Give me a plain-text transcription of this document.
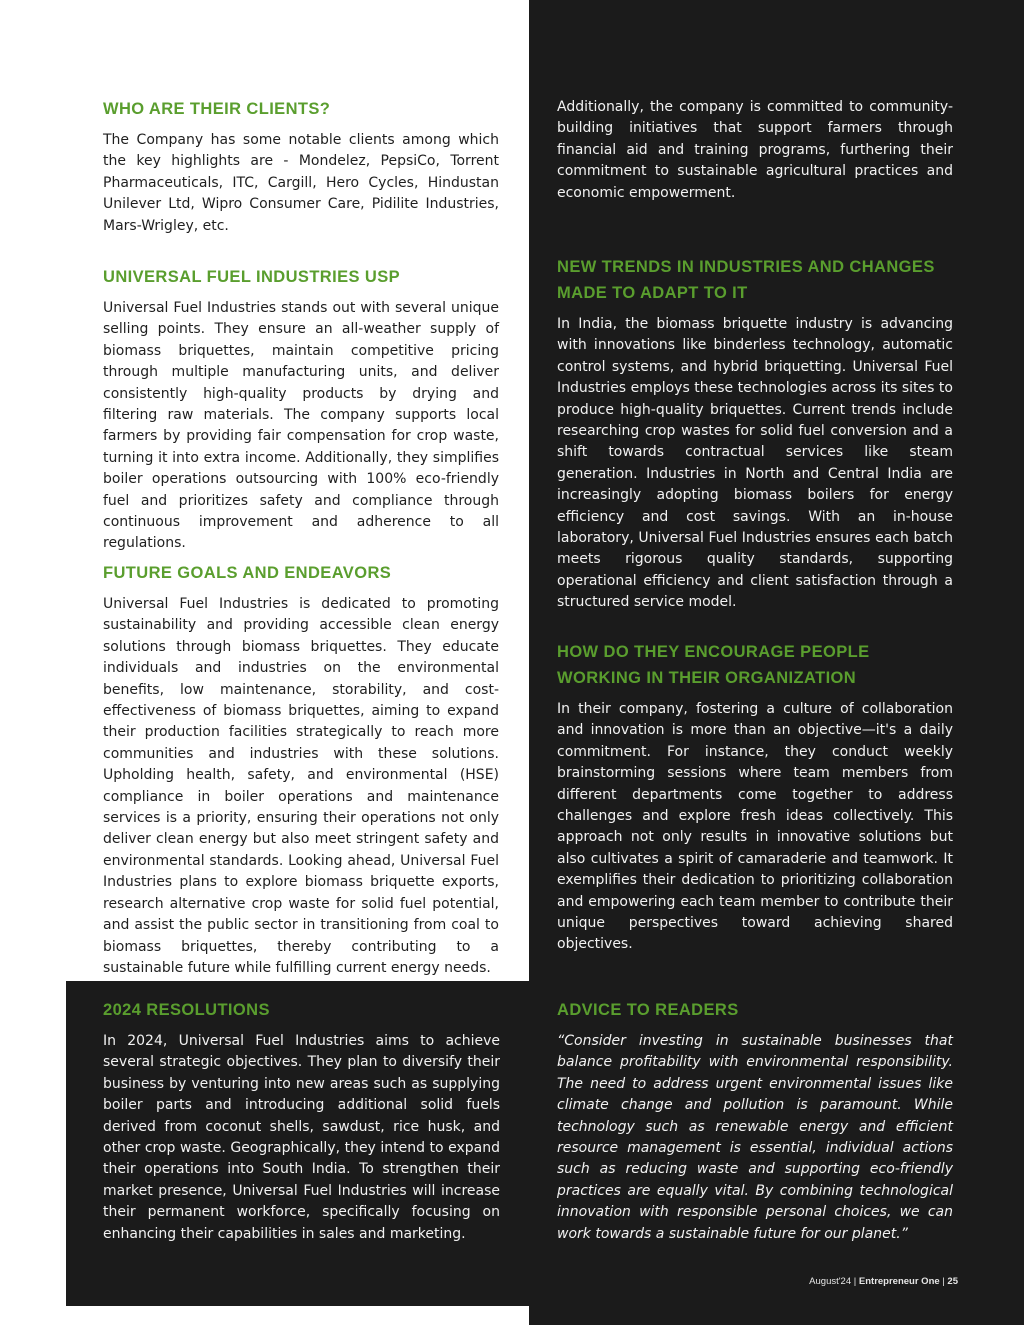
WHO ARE THEIR CLIENTS?

The Company has some notable clients among which the key highlights are - Mondelez, PepsiCo, Torrent Pharmaceuticals, ITC, Cargill, Hero Cycles, Hindustan Unilever Ltd, Wipro Consumer Care, Pidilite Industries, Mars-Wrigley, etc.

UNIVERSAL FUEL INDUSTRIES USP

Universal Fuel Industries stands out with several unique selling points. They ensure an all-weather supply of biomass briquettes, maintain competitive pricing through multiple manufacturing units, and deliver consistently high-quality products by drying and filtering raw materials. The company supports local farmers by providing fair compensation for crop waste, turning it into extra income. Additionally, they simplifies boiler operations outsourcing with 100% eco-friendly fuel and prioritizes safety and compliance through continuous improvement and adherence to all regulations.

FUTURE GOALS AND ENDEAVORS

Universal Fuel Industries is dedicated to promoting sustainability and providing accessible clean energy solutions through biomass briquettes. They educate individuals and industries on the environmental benefits, low maintenance, storability, and cost-effectiveness of biomass briquettes, aiming to expand their production facilities strategically to reach more communities and industries with these solutions. Upholding health, safety, and environmental (HSE) compliance in boiler operations and maintenance services is a priority, ensuring their operations not only deliver clean energy but also meet stringent safety and environmental standards. Looking ahead, Universal Fuel Industries plans to explore biomass briquette exports, research alternative crop waste for solid fuel potential, and assist the public sector in transitioning from coal to biomass briquettes, thereby contributing to a sustainable future while fulfilling current energy needs.

Additionally, the company is committed to community-building initiatives that support farmers through financial aid and training programs, furthering their commitment to sustainable agricultural practices and economic empowerment.

NEW TRENDS IN INDUSTRIES AND CHANGES MADE TO ADAPT TO IT

In India, the biomass briquette industry is advancing with innovations like binderless technology, automatic control systems, and hybrid briquetting. Universal Fuel Industries employs these technologies across its sites to produce high-quality briquettes. Current trends include researching crop wastes for solid fuel conversion and a shift towards contractual services like steam generation. Industries in North and Central India are increasingly adopting biomass boilers for energy efficiency and cost savings. With an in-house laboratory, Universal Fuel Industries ensures each batch meets rigorous quality standards, supporting operational efficiency and client satisfaction through a structured service model.

HOW DO THEY ENCOURAGE PEOPLE WORKING IN THEIR ORGANIZATION

In their company, fostering a culture of collaboration and innovation is more than an objective—it's a daily commitment. For instance, they conduct weekly brainstorming sessions where team members from different departments come together to address challenges and explore fresh ideas collectively. This approach not only results in innovative solutions but also cultivates a spirit of camaraderie and teamwork. It exemplifies their dedication to prioritizing collaboration and empowering each team member to contribute their unique perspectives toward achieving shared objectives.

2024 RESOLUTIONS

In 2024, Universal Fuel Industries aims to achieve several strategic objectives. They plan to diversify their business by venturing into new areas such as supplying boiler parts and introducing additional solid fuels derived from coconut shells, sawdust, rice husk, and other crop waste. Geographically, they intend to expand their operations into South India. To strengthen their market presence, Universal Fuel Industries will increase their permanent workforce, specifically focusing on enhancing their capabilities in sales and marketing.

ADVICE TO READERS

“Consider investing in sustainable businesses that balance profitability with environmental responsibility. The need to address urgent environmental issues like climate change and pollution is paramount. While technology such as renewable energy and efficient resource management is essential, individual actions such as reducing waste and supporting eco-friendly practices are equally vital. By combining technological innovation with responsible personal choices, we can work towards a sustainable future for our planet.”

August'24 | Entrepreneur One | 25
